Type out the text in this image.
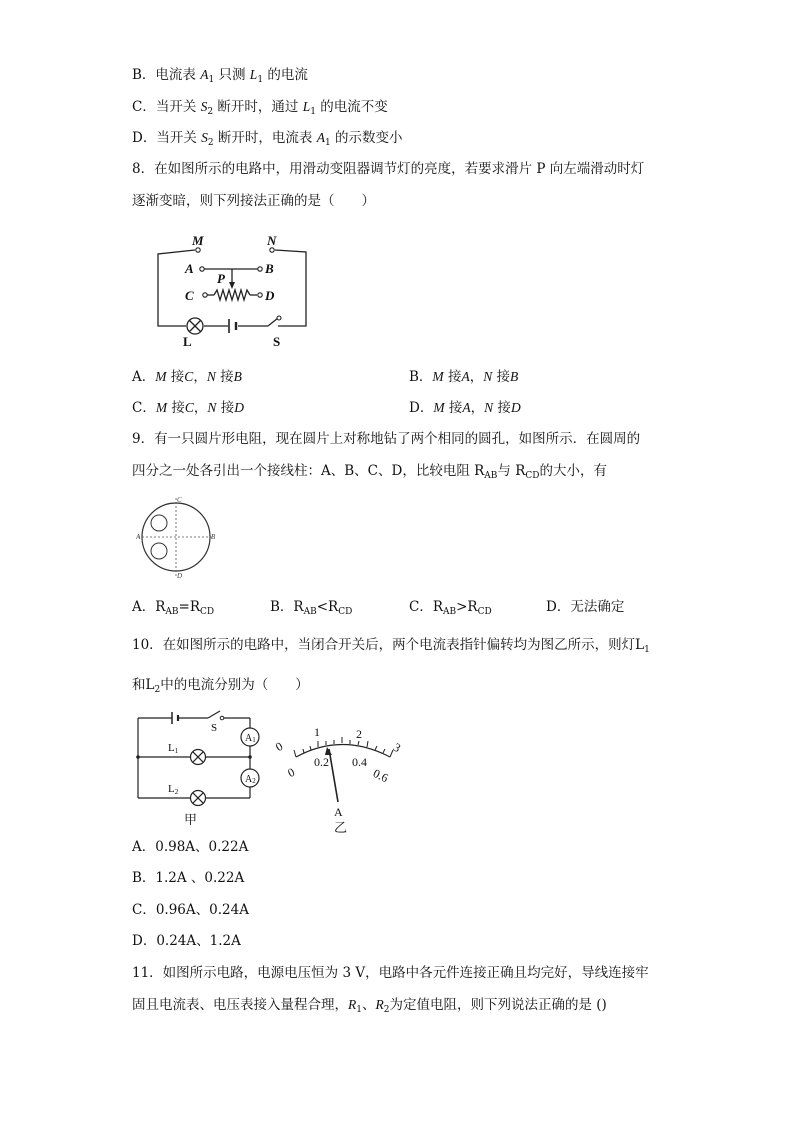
B．电流表 $A_1$ 只测 $L_1$ 的电流
C．当开关 $S_2$ 断开时，通过 $L_1$ 的电流不变
D．当开关 $S_2$ 断开时，电流表 $A_1$ 的示数变小
8．在如图所示的电路中，用滑动变阻器调节灯的亮度，若要求滑片 P 向左端滑动时灯
逐渐变暗，则下列接法正确的是（　　）
M	N
A	B
P
C	D
L	S
A．M 接C，N 接B	B．M 接A，N 接B
C．M 接C，N 接D	D．M 接A，N 接D
9．有一只圆片形电阻，现在圆片上对称地钻了两个相同的圆孔，如图所示．在圆周的
四分之一处各引出一个接线柱：A、B、C、D，比较电阻 $R_{AB}$与 $R_{CD}$的大小，有
A	B
C
D
A．$R_{AB}=R_{CD}$	B．$R_{AB}<R_{CD}$	C．$R_{AB}>R_{CD}$	D．无法确定
10．在如图所示的电路中，当闭合开关后，两个电流表指针偏转均为图乙所示，则灯$L_1$
和$L_2$中的电流分别为（　　）
S
L1
L2
A1
A2
甲
0
1	2
3
0
0.2 0.4
0.6
A
乙
A．0.98A、0.22A
B．1.2A 、0.22A
C．0.96A、0.24A
D．0.24A、1.2A
11．如图所示电路，电源电压恒为 3 V，电路中各元件连接正确且均完好，导线连接牢
固且电流表、电压表接入量程合理，$R_1$、$R_2$为定值电阻，则下列说法正确的是 ()
